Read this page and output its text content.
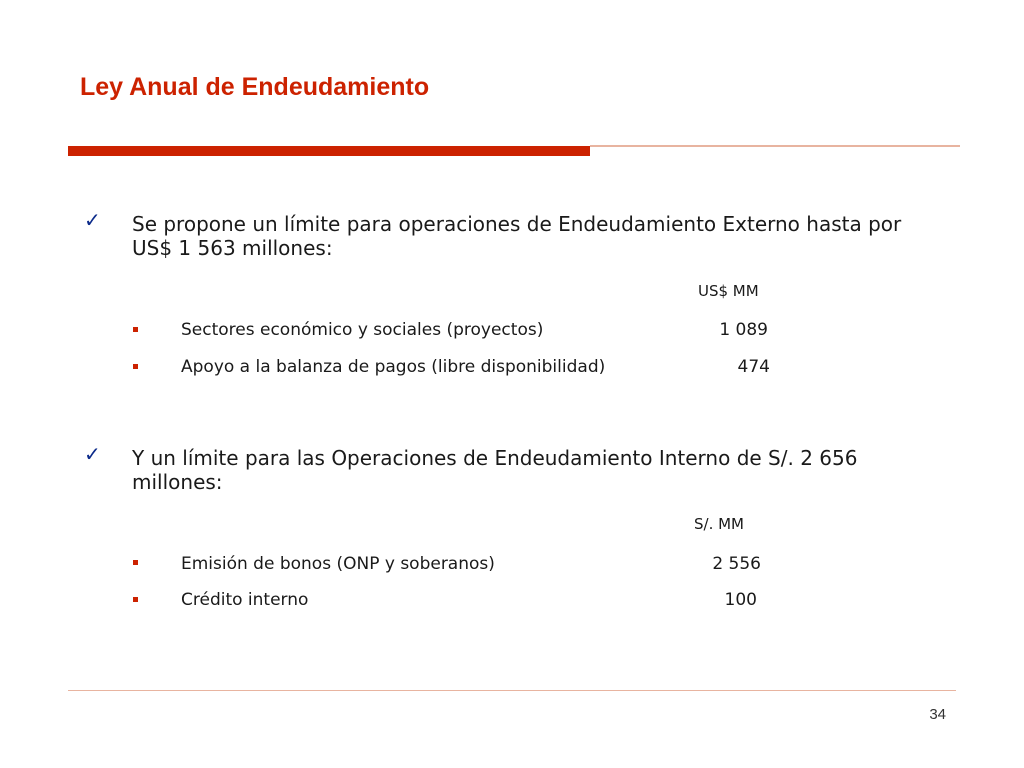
Ley Anual de Endeudamiento
✓ Se propone un límite para operaciones de Endeudamiento Externo hasta por US$ 1 563 millones:

US$ MM
Sectores económico y sociales (proyectos)	1 089
Apoyo a la balanza de pagos (libre disponibilidad)	474
✓ Y un límite para las Operaciones de Endeudamiento Interno de S/. 2 656 millones:

S/. MM
Emisión de bonos (ONP y soberanos)	2 556
Crédito interno	100
34
